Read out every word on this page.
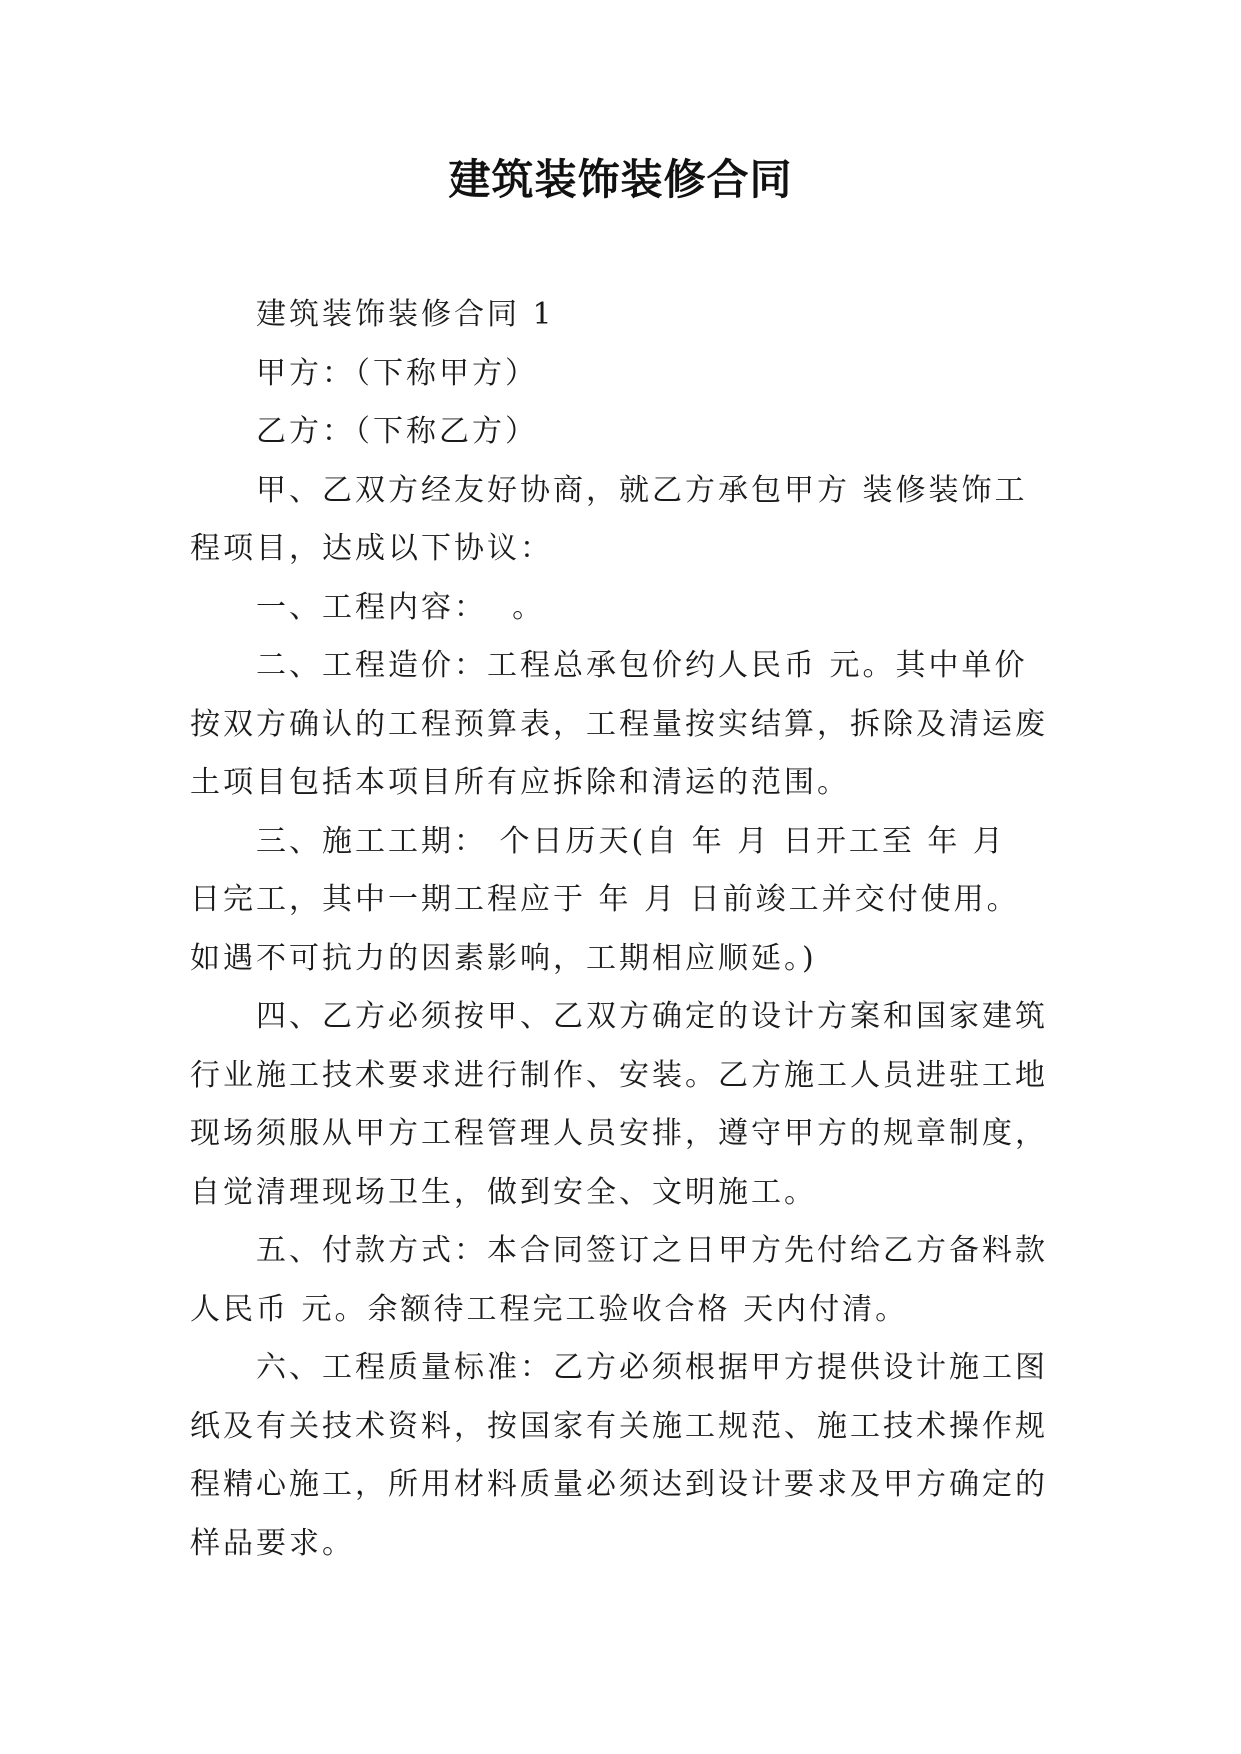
建筑装饰装修合同

建筑装饰装修合同 1

甲方：（下称甲方）

乙方：（下称乙方）

甲、乙双方经友好协商，就乙方承包甲方 装修装饰工
程项目，达成以下协议：

一、工程内容：  。

二、工程造价：工程总承包价约人民币 元。其中单价
按双方确认的工程预算表，工程量按实结算，拆除及清运废
土项目包括本项目所有应拆除和清运的范围。

三、施工工期： 个日历天(自 年 月 日开工至 年 月
日完工，其中一期工程应于 年 月 日前竣工并交付使用。
如遇不可抗力的因素影响，工期相应顺延。)

四、乙方必须按甲、乙双方确定的设计方案和国家建筑
行业施工技术要求进行制作、安装。乙方施工人员进驻工地
现场须服从甲方工程管理人员安排，遵守甲方的规章制度，
自觉清理现场卫生，做到安全、文明施工。

五、付款方式：本合同签订之日甲方先付给乙方备料款
人民币 元。余额待工程完工验收合格 天内付清。

六、工程质量标准：乙方必须根据甲方提供设计施工图
纸及有关技术资料，按国家有关施工规范、施工技术操作规
程精心施工，所用材料质量必须达到设计要求及甲方确定的
样品要求。
